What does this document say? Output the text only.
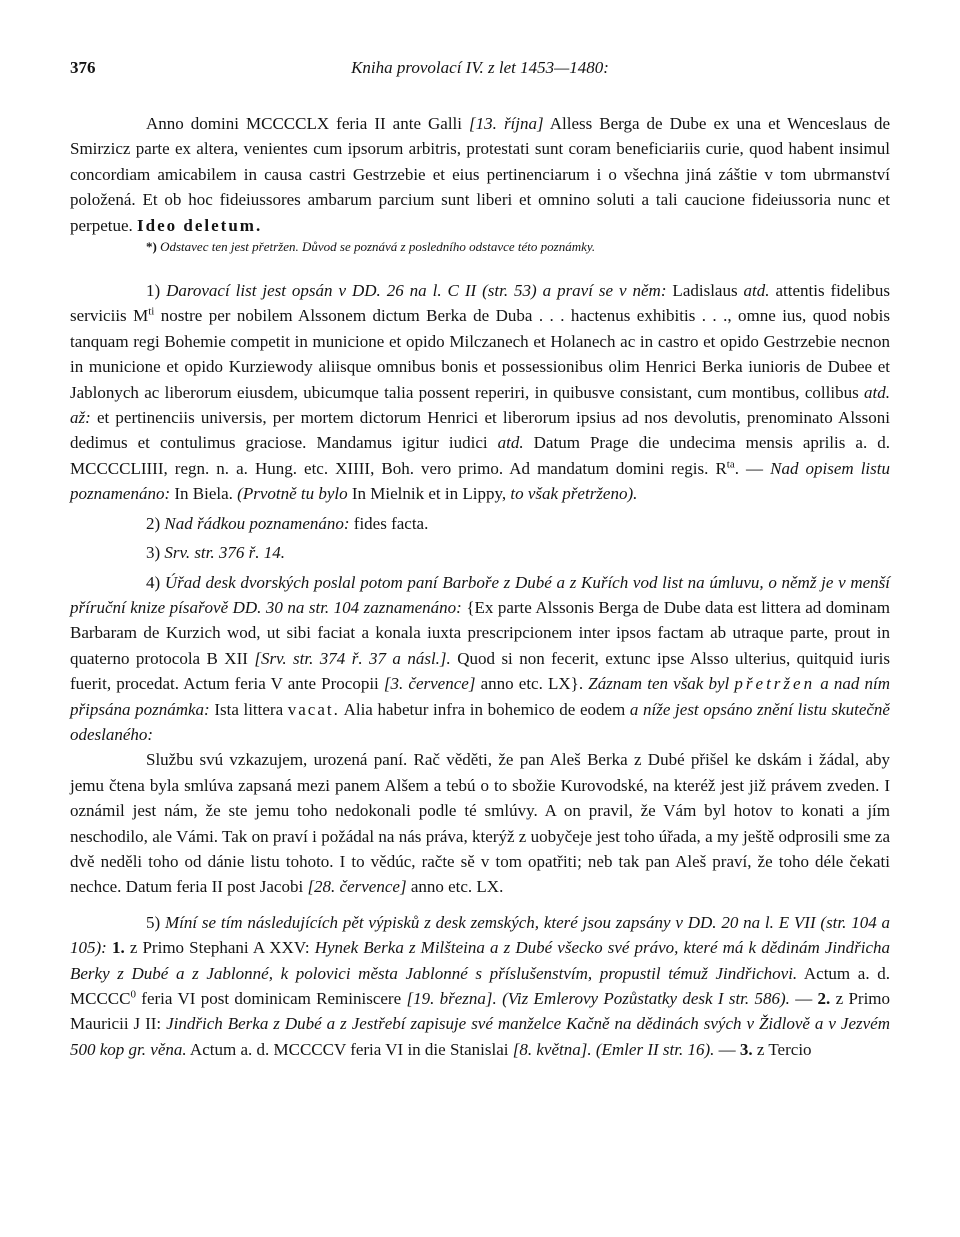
Kniha provolací IV. z let 1453—1480:
376

Anno domini MCCCCLX feria II ante Galli [13. října] Alless Berga de Dube ex una et Wenceslaus de Smirzicz parte ex altera, venientes cum ipsorum arbitris, protestati sunt coram beneficiariis curie, quod habent insimul concordiam amicabilem in causa castri Gestrzebie et eius pertinenciarum i o všechna jiná záštie v tom ubrmanství položená. Et ob hoc fideiussores ambarum parcium sunt liberi et omnino soluti a tali caucione fideiussoria nunc et perpetue. Ideo deletum.

*) Odstavec ten jest přetržen. Důvod se poznává z posledního odstavce této poznámky.

1) Darovací list jest opsán v DD. 26 na l. C II (str. 53) a praví se v něm: Ladislaus atd. attentis fidelibus serviciis $M^{ti}$ nostre per nobilem Alssonem dictum Berka de Duba . . . hactenus exhibitis . . ., omne ius, quod nobis tanquam regi Bohemie competit in municione et opido Milczanech et Holanech ac in castro et opido Gestrzebie necnon in municione et opido Kurziewody aliisque omnibus bonis et possessionibus olim Henrici Berka iunioris de Dubee et Jablonych ac liberorum eiusdem, ubicumque talia possent reperiri, in quibusve consistant, cum montibus, collibus atd. až: et pertinenciis universis, per mortem dictorum Henrici et liberorum ipsius ad nos devolutis, prenominato Alssoni dedimus et contulimus graciose. Mandamus igitur iudici atd. Datum Prage die undecima mensis aprilis a. d. MCCCCLIIII, regn. n. a. Hung. etc. XIIII, Boh. vero primo. Ad mandatum domini regis. $R^{ta}$. — Nad opisem listu poznamenáno: In Biela. (Prvotně tu bylo In Mielnik et in Lippy, to však přetrženo).

2) Nad řádkou poznamenáno: fides facta.

3) Srv. str. 376 ř. 14.

4) Úřad desk dvorských poslal potom paní Barboře z Dubé a z Kuřích vod list na úmluvu, o němž je v menší příruční knize písařově DD. 30 na str. 104 zaznamenáno: {Ex parte Alssonis Berga de Dube data est littera ad dominam Barbaram de Kurzich wod, ut sibi faciat a konala iuxta prescripcionem inter ipsos factam ab utraque parte, prout in quaterno protocola B XII [Srv. str. 374 ř. 37 a násl.]. Quod si non fecerit, extunc ipse Alsso ulterius, quitquid iuris fuerit, procedat. Actum feria V ante Procopii [3. července] anno etc. LX}. Záznam ten však byl přetržen a nad ním připsána poznámka: Ista littera vacat. Alia habetur infra in bohemico de eodem a níže jest opsáno znění listu skutečně odeslaného:

Službu svú vzkazujem, urozená paní. Rač věděti, že pan Aleš Berka z Dubé přišel ke dskám i žádal, aby jemu čtena byla smlúva zapsaná mezi panem Alšem a tebú o to sbožie Kurovodské, na kteréž jest již právem zveden. I oznámil jest nám, že ste jemu toho nedokonali podle té smlúvy. A on pravil, že Vám byl hotov to konati a jím neschodilo, ale Vámi. Tak on praví i požádal na nás práva, kterýž z uobyčeje jest toho úřada, a my ještě odprosili sme za dvě neděli toho od dánie listu tohoto. I to vědúc, račte sě v tom opatřiti; neb tak pan Aleš praví, že toho déle čekati nechce. Datum feria II post Jacobi [28. července] anno etc. LX.

5) Míní se tím následujících pět výpisků z desk zemských, které jsou zapsány v DD. 20 na l. E VII (str. 104 a 105): 1. z Primo Stephani A XXV: Hynek Berka z Milšteina a z Dubé všecko své právo, které má k dědinám Jindřicha Berky z Dubé a z Jablonné, k polovici města Jablonné s příslušenstvím, propustil témuž Jindřichovi. Actum a. d. MCCCC$^0$ feria VI post dominicam Reminiscere [19. března]. (Viz Emlerovy Pozůstatky desk I str. 586). — 2. z Primo Mauricii J II: Jindřich Berka z Dubé a z Jestřebí zapisuje své manželce Kačně na dědinách svých v Židlově a v Jezvém 500 kop gr. věna. Actum a. d. MCCCCV feria VI in die Stanislai [8. května]. (Emler II str. 16). — 3. z Tercio
